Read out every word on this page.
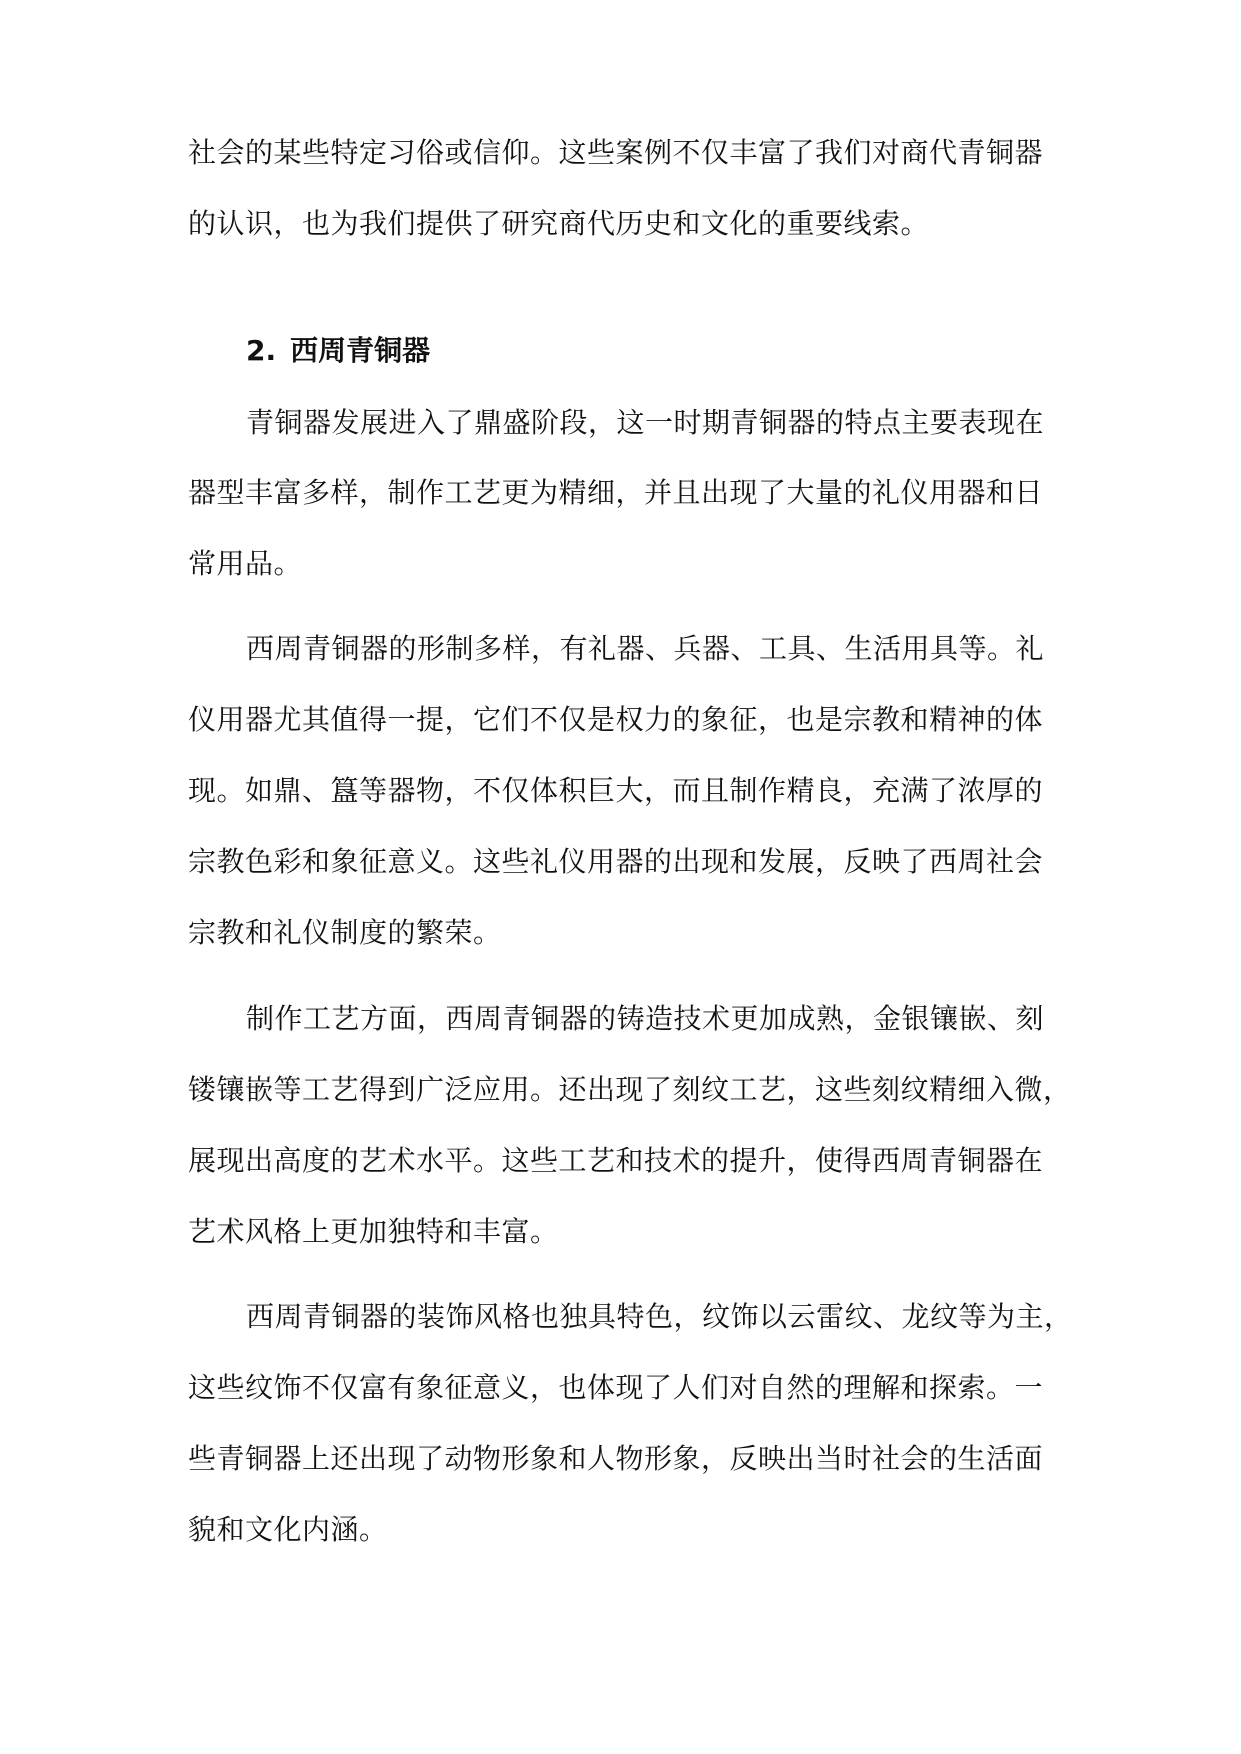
社会的某些特定习俗或信仰。这些案例不仅丰富了我们对商代青铜器
的认识，也为我们提供了研究商代历史和文化的重要线索。
2. 西周青铜器
青铜器发展进入了鼎盛阶段，这一时期青铜器的特点主要表现在
器型丰富多样，制作工艺更为精细，并且出现了大量的礼仪用器和日
常用品。
西周青铜器的形制多样，有礼器、兵器、工具、生活用具等。礼
仪用器尤其值得一提，它们不仅是权力的象征，也是宗教和精神的体
现。如鼎、簋等器物，不仅体积巨大，而且制作精良，充满了浓厚的
宗教色彩和象征意义。这些礼仪用器的出现和发展，反映了西周社会
宗教和礼仪制度的繁荣。
制作工艺方面，西周青铜器的铸造技术更加成熟，金银镶嵌、刻
镂镶嵌等工艺得到广泛应用。还出现了刻纹工艺，这些刻纹精细入微，
展现出高度的艺术水平。这些工艺和技术的提升，使得西周青铜器在
艺术风格上更加独特和丰富。
西周青铜器的装饰风格也独具特色，纹饰以云雷纹、龙纹等为主，
这些纹饰不仅富有象征意义，也体现了人们对自然的理解和探索。一
些青铜器上还出现了动物形象和人物形象，反映出当时社会的生活面
貌和文化内涵。
